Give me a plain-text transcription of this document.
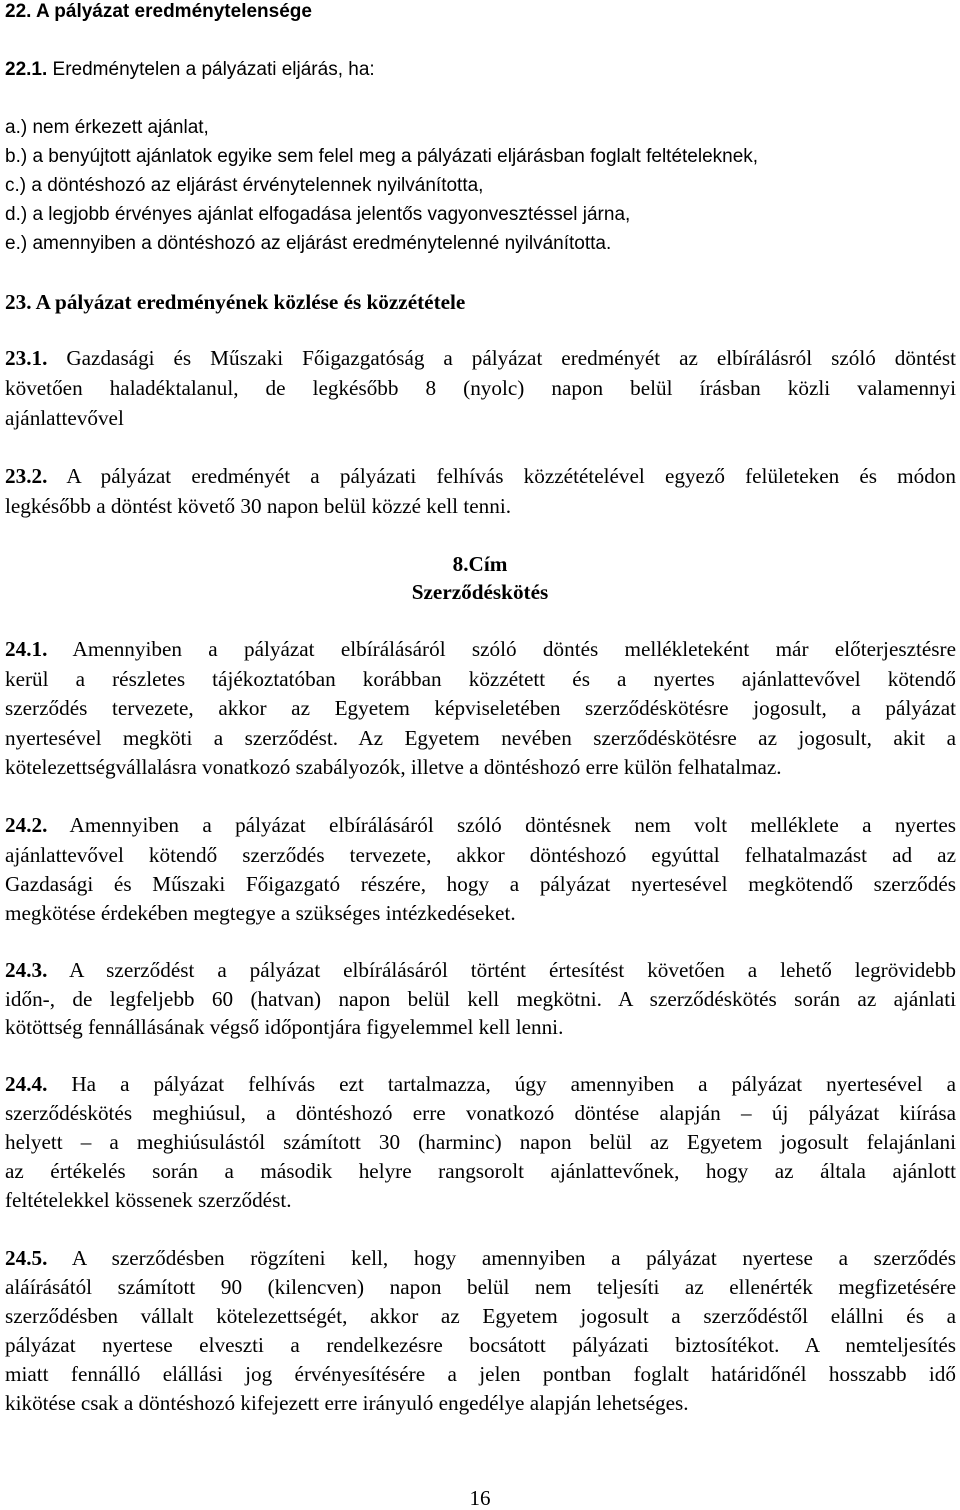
22. A pályázat eredménytelensége
22.1. Eredménytelen a pályázati eljárás, ha:
a.) nem érkezett ajánlat,
b.) a benyújtott ajánlatok egyike sem felel meg a pályázati eljárásban foglalt feltételeknek,
c.) a döntéshozó az eljárást érvénytelennek nyilvánította,
d.) a legjobb érvényes ajánlat elfogadása jelentős vagyonvesztéssel járna,
e.) amennyiben a döntéshozó az eljárást eredménytelenné nyilvánította.
23. A pályázat eredményének közlése és közzététele
23.1. Gazdasági és Műszaki Főigazgatóság a pályázat eredményét az elbírálásról szóló döntést
követően haladéktalanul, de legkésőbb 8 (nyolc) napon belül írásban közli valamennyi
ajánlattevővel
23.2. A pályázat eredményét a pályázati felhívás közzétételével egyező felületeken és módon
legkésőbb a döntést követő 30 napon belül közzé kell tenni.
8.Cím
Szerződéskötés
24.1. Amennyiben a pályázat elbírálásáról szóló döntés mellékleteként már előterjesztésre
kerül a részletes tájékoztatóban korábban közzétett és a nyertes ajánlattevővel kötendő
szerződés tervezete, akkor az Egyetem képviseletében szerződéskötésre jogosult, a pályázat
nyertesével megköti a szerződést. Az Egyetem nevében szerződéskötésre az jogosult, akit a
kötelezettségvállalásra vonatkozó szabályozók, illetve a döntéshozó erre külön felhatalmaz.
24.2. Amennyiben a pályázat elbírálásáról szóló döntésnek nem volt melléklete a nyertes
ajánlattevővel kötendő szerződés tervezete, akkor döntéshozó egyúttal felhatalmazást ad az
Gazdasági és Műszaki Főigazgató részére, hogy a pályázat nyertesével megkötendő szerződés
megkötése érdekében megtegye a szükséges intézkedéseket.
24.3. A szerződést a pályázat elbírálásáról történt értesítést követően a lehető legrövidebb
időn-, de legfeljebb 60 (hatvan) napon belül kell megkötni. A szerződéskötés során az ajánlati
kötöttség fennállásának végső időpontjára figyelemmel kell lenni.
24.4. Ha a pályázat felhívás ezt tartalmazza, úgy amennyiben a pályázat nyertesével a
szerződéskötés meghiúsul, a döntéshozó erre vonatkozó döntése alapján – új pályázat kiírása
helyett – a meghiúsulástól számított 30 (harminc) napon belül az Egyetem jogosult felajánlani
az értékelés során a második helyre rangsorolt ajánlattevőnek, hogy az általa ajánlott
feltételekkel kössenek szerződést.
24.5. A szerződésben rögzíteni kell, hogy amennyiben a pályázat nyertese a szerződés
aláírásától számított 90 (kilencven) napon belül nem teljesíti az ellenérték megfizetésére
szerződésben vállalt kötelezettségét, akkor az Egyetem jogosult a szerződéstől elállni és a
pályázat nyertese elveszti a rendelkezésre bocsátott pályázati biztosítékot. A nemteljesítés
miatt fennálló elállási jog érvényesítésére a jelen pontban foglalt határidőnél hosszabb idő
kikötése csak a döntéshozó kifejezett erre irányuló engedélye alapján lehetséges.
16
